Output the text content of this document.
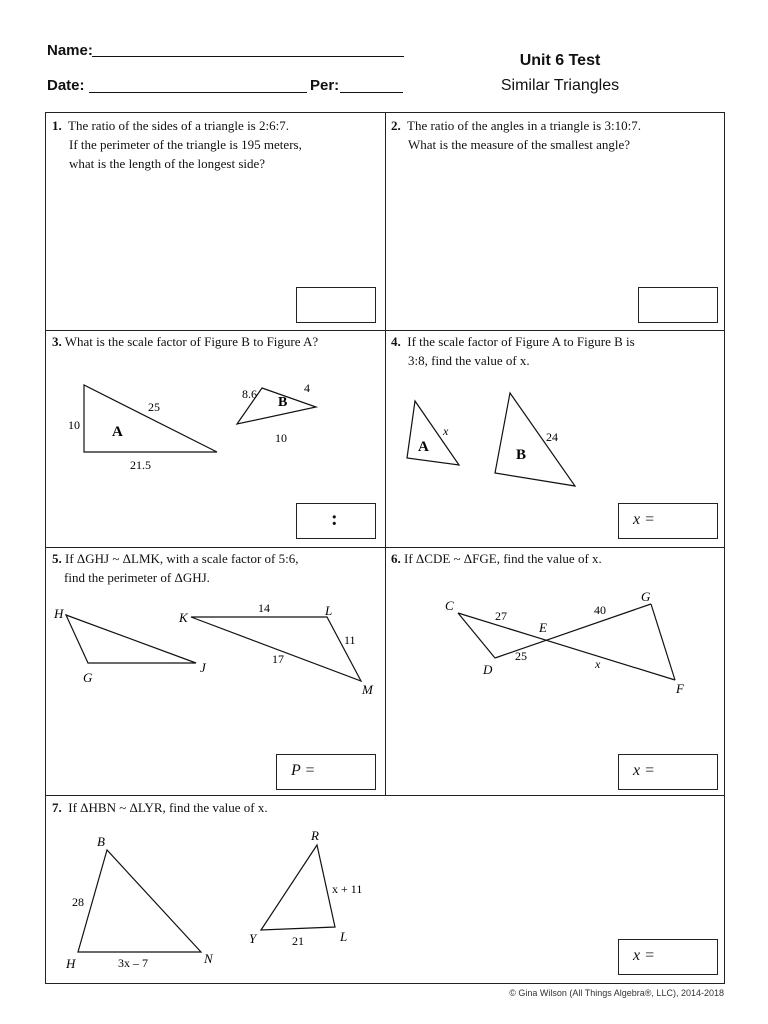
Name:
Date:	Per:
Unit 6 Test
Similar Triangles
1. The ratio of the sides of a triangle is 2:6:7.
If the perimeter of the triangle is 195 meters,
what is the length of the longest side?
2. The ratio of the angles in a triangle is 3:10:7.
What is the measure of the smallest angle?
3. What is the scale factor of Figure B to Figure A?
A
10
25
21.5
B
8.6	4
10
:
4. If the scale factor of Figure A to Figure B is
3:8, find the value of x.
A
x
B
24
x =
5. If ΔGHJ ~ ΔLMK, with a scale factor of 5:6,
find the perimeter of ΔGHJ.
H
G
J
K	L
M
14
11
17
P =
6. If ΔCDE ~ ΔFGE, find the value of x.
C
D
E
G
F
27	40
25
x
x =
7. If ΔHBN ~ ΔLYR, find the value of x.
B
H	N
28
3x – 7
R
Y	L
x + 11
21
x =
© Gina Wilson (All Things Algebra®, LLC), 2014-2018
